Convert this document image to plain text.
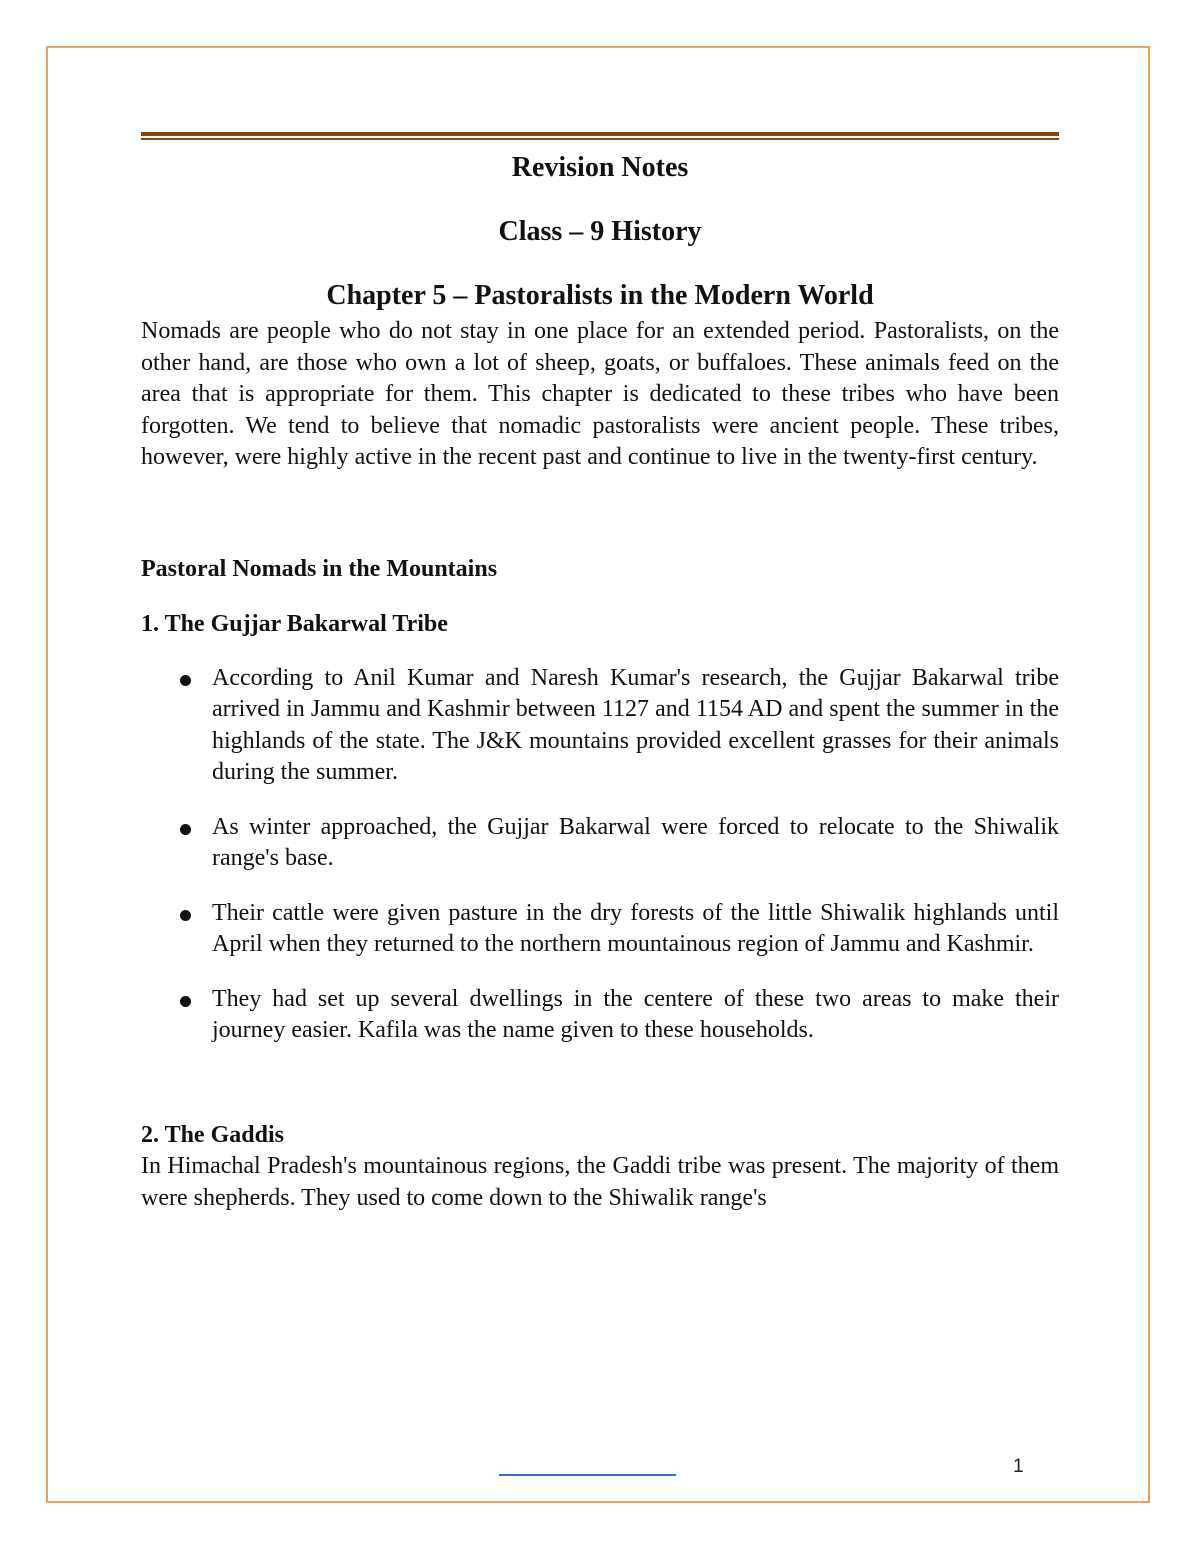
Revision Notes
Class – 9 History
Chapter 5 – Pastoralists in the Modern World

Nomads are people who do not stay in one place for an extended period. Pastoralists, on the other hand, are those who own a lot of sheep, goats, or buffaloes. These animals feed on the area that is appropriate for them. This chapter is dedicated to these tribes who have been forgotten. We tend to believe that nomadic pastoralists were ancient people. These tribes, however, were highly active in the recent past and continue to live in the twenty-first century.

Pastoral Nomads in the Mountains
1. The Gujjar Bakarwal Tribe
According to Anil Kumar and Naresh Kumar's research, the Gujjar Bakarwal tribe arrived in Jammu and Kashmir between 1127 and 1154 AD and spent the summer in the highlands of the state. The J&K mountains provided excellent grasses for their animals during the summer.
As winter approached, the Gujjar Bakarwal were forced to relocate to the Shiwalik range's base.
Their cattle were given pasture in the dry forests of the little Shiwalik highlands until April when they returned to the northern mountainous region of Jammu and Kashmir.
They had set up several dwellings in the centere of these two areas to make their journey easier. Kafila was the name given to these households.
2. The Gaddis

In Himachal Pradesh's mountainous regions, the Gaddi tribe was present. The majority of them were shepherds. They used to come down to the Shiwalik range's

1
